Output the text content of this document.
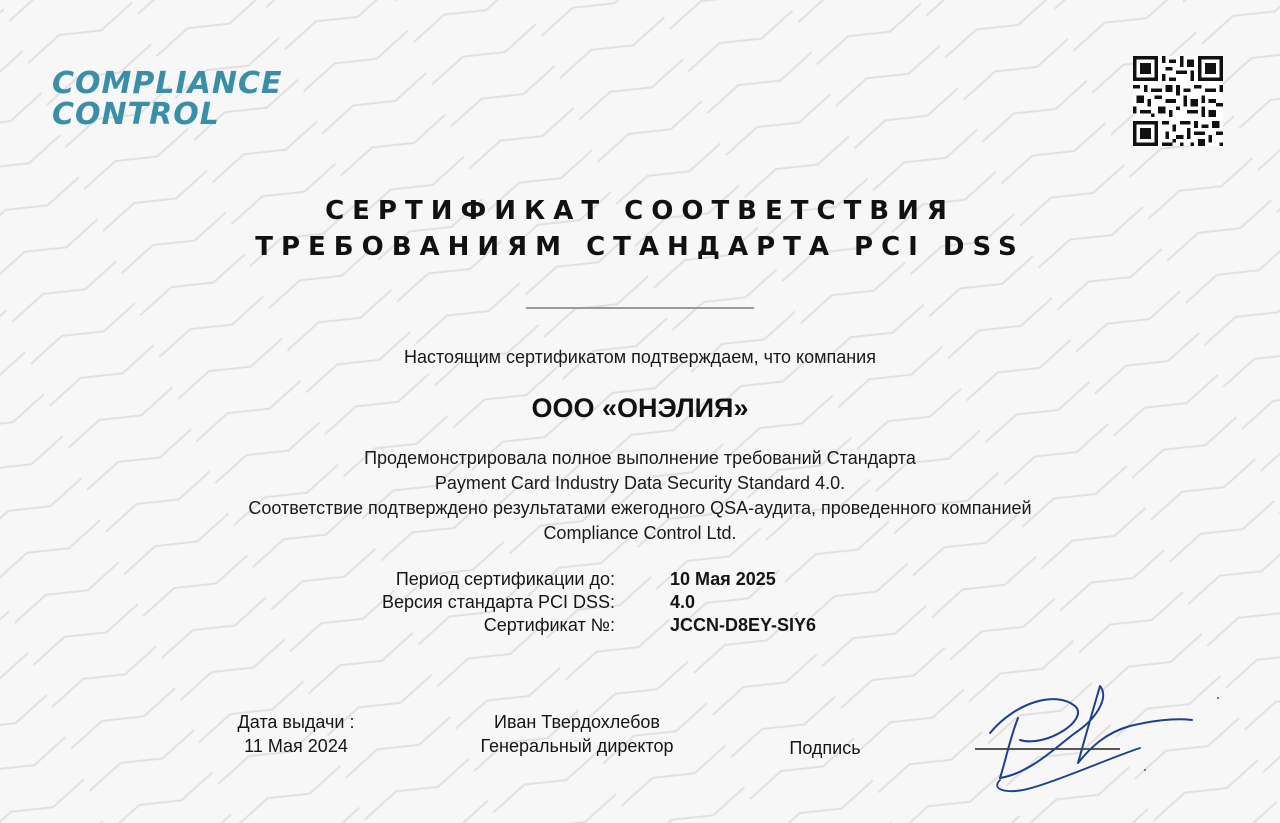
COMPLIANCE
CONTROL
СЕРТИФИКАТ СООТВЕТСТВИЯ
ТРЕБОВАНИЯМ СТАНДАРТА PCI DSS
Настоящим сертификатом подтверждаем, что компания
ООО «ОНЭЛИЯ»
Продемонстрировала полное выполнение требований Стандарта
Payment Card Industry Data Security Standard 4.0.
Соответствие подтверждено результатами ежегодного QSA-аудита, проведенного компанией
Compliance Control Ltd.
Период сертификации до:	10 Мая 2025
Версия стандарта PCI DSS:	4.0
Сертификат №:	JCCN-D8EY-SIY6
Дата выдачи :
11 Мая 2024
Иван Твердохлебов
Генеральный директор	Подпись
